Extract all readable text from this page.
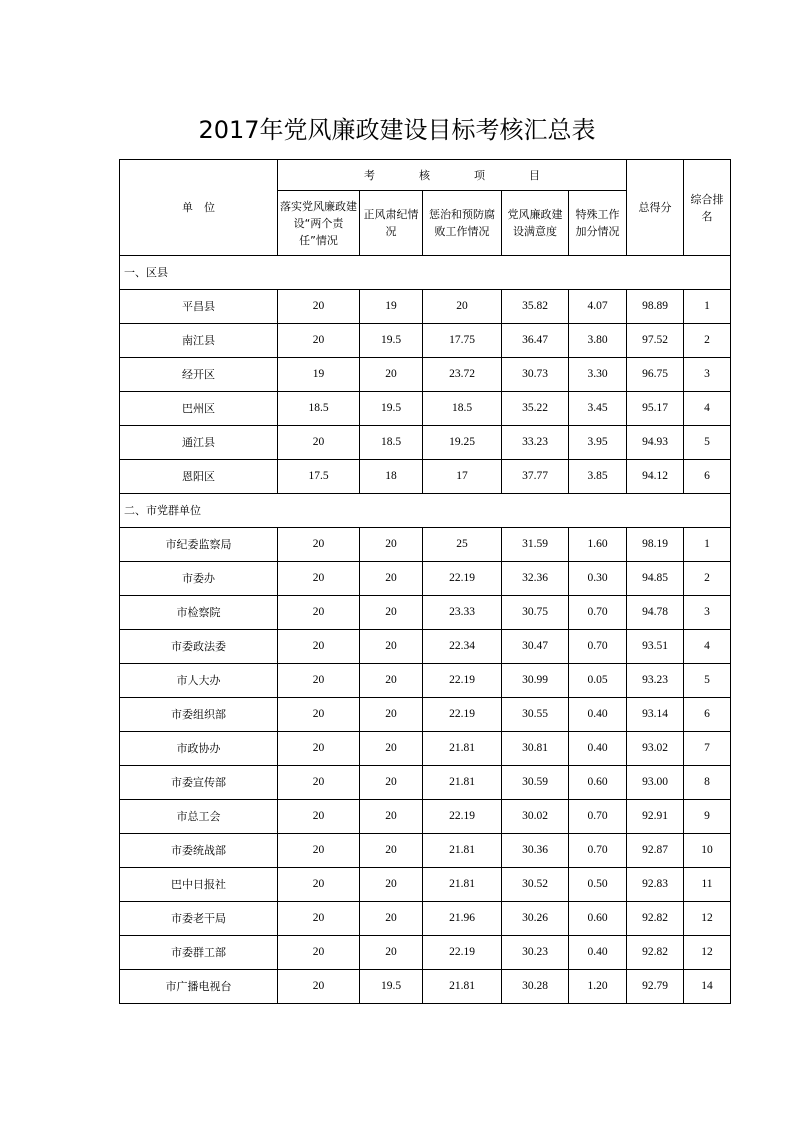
2017年党风廉政建设目标考核汇总表
单　位	考　　　　核　　　　项　　　　目					总得分	综合排名
	落实党风廉政建设“两个责任”情况	正风肃纪情况	惩治和预防腐败工作情况	党风廉政建设满意度	特殊工作加分情况		
一、区县							
平昌县	20	19	20	35.82	4.07	98.89	1
南江县	20	19.5	17.75	36.47	3.80	97.52	2
经开区	19	20	23.72	30.73	3.30	96.75	3
巴州区	18.5	19.5	18.5	35.22	3.45	95.17	4
通江县	20	18.5	19.25	33.23	3.95	94.93	5
恩阳区	17.5	18	17	37.77	3.85	94.12	6
二、市党群单位							
市纪委监察局	20	20	25	31.59	1.60	98.19	1
市委办	20	20	22.19	32.36	0.30	94.85	2
市检察院	20	20	23.33	30.75	0.70	94.78	3
市委政法委	20	20	22.34	30.47	0.70	93.51	4
市人大办	20	20	22.19	30.99	0.05	93.23	5
市委组织部	20	20	22.19	30.55	0.40	93.14	6
市政协办	20	20	21.81	30.81	0.40	93.02	7
市委宣传部	20	20	21.81	30.59	0.60	93.00	8
市总工会	20	20	22.19	30.02	0.70	92.91	9
市委统战部	20	20	21.81	30.36	0.70	92.87	10
巴中日报社	20	20	21.81	30.52	0.50	92.83	11
市委老干局	20	20	21.96	30.26	0.60	92.82	12
市委群工部	20	20	22.19	30.23	0.40	92.82	12
市广播电视台	20	19.5	21.81	30.28	1.20	92.79	14
